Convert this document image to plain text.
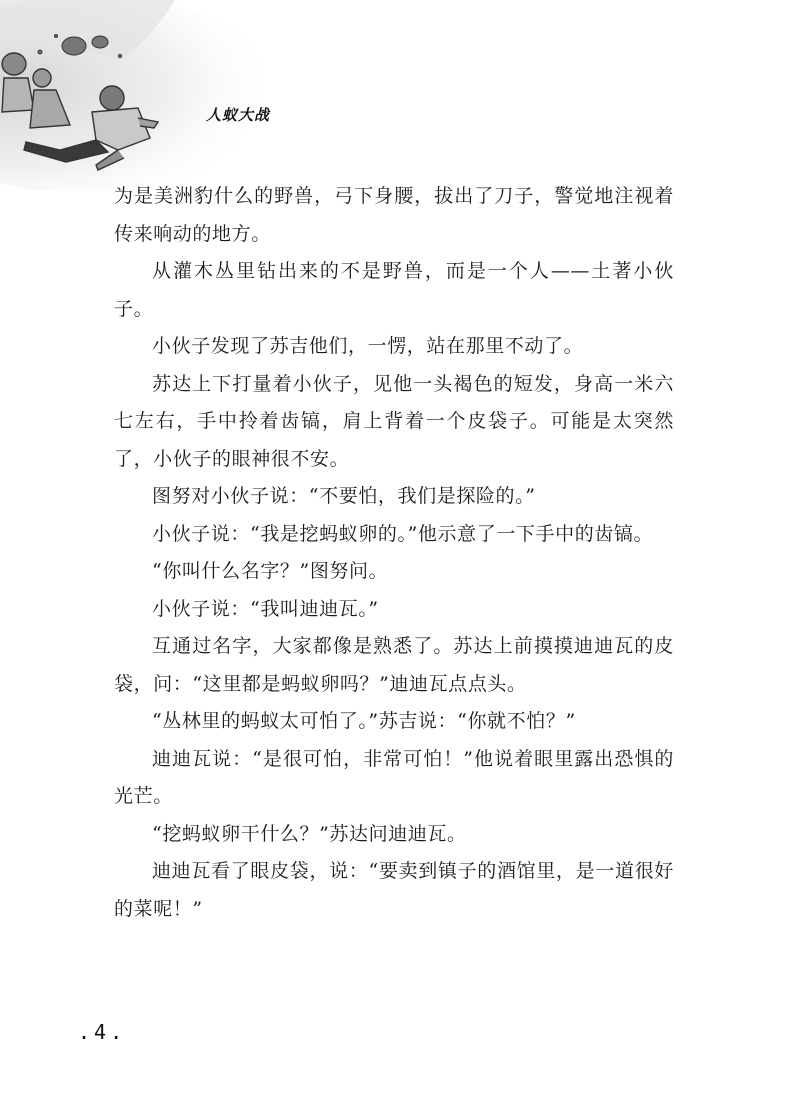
人蚁大战

为是美洲豹什么的野兽，弓下身腰，拔出了刀子，警觉地注视着传来响动的地方。

从灌木丛里钻出来的不是野兽，而是一个人——土著小伙子。

小伙子发现了苏吉他们，一愣，站在那里不动了。

苏达上下打量着小伙子，见他一头褐色的短发，身高一米六七左右，手中拎着齿镐，肩上背着一个皮袋子。可能是太突然了，小伙子的眼神很不安。

图努对小伙子说：“不要怕，我们是探险的。”

小伙子说：“我是挖蚂蚁卵的。”他示意了一下手中的齿镐。

“你叫什么名字？”图努问。

小伙子说：“我叫迪迪瓦。”

互通过名字，大家都像是熟悉了。苏达上前摸摸迪迪瓦的皮袋，问：“这里都是蚂蚁卵吗？”迪迪瓦点点头。

“丛林里的蚂蚁太可怕了。”苏吉说：“你就不怕？”

迪迪瓦说：“是很可怕，非常可怕！”他说着眼里露出恐惧的光芒。

“挖蚂蚁卵干什么？”苏达问迪迪瓦。

迪迪瓦看了眼皮袋，说：“要卖到镇子的酒馆里，是一道很好的菜呢！”

.4.
